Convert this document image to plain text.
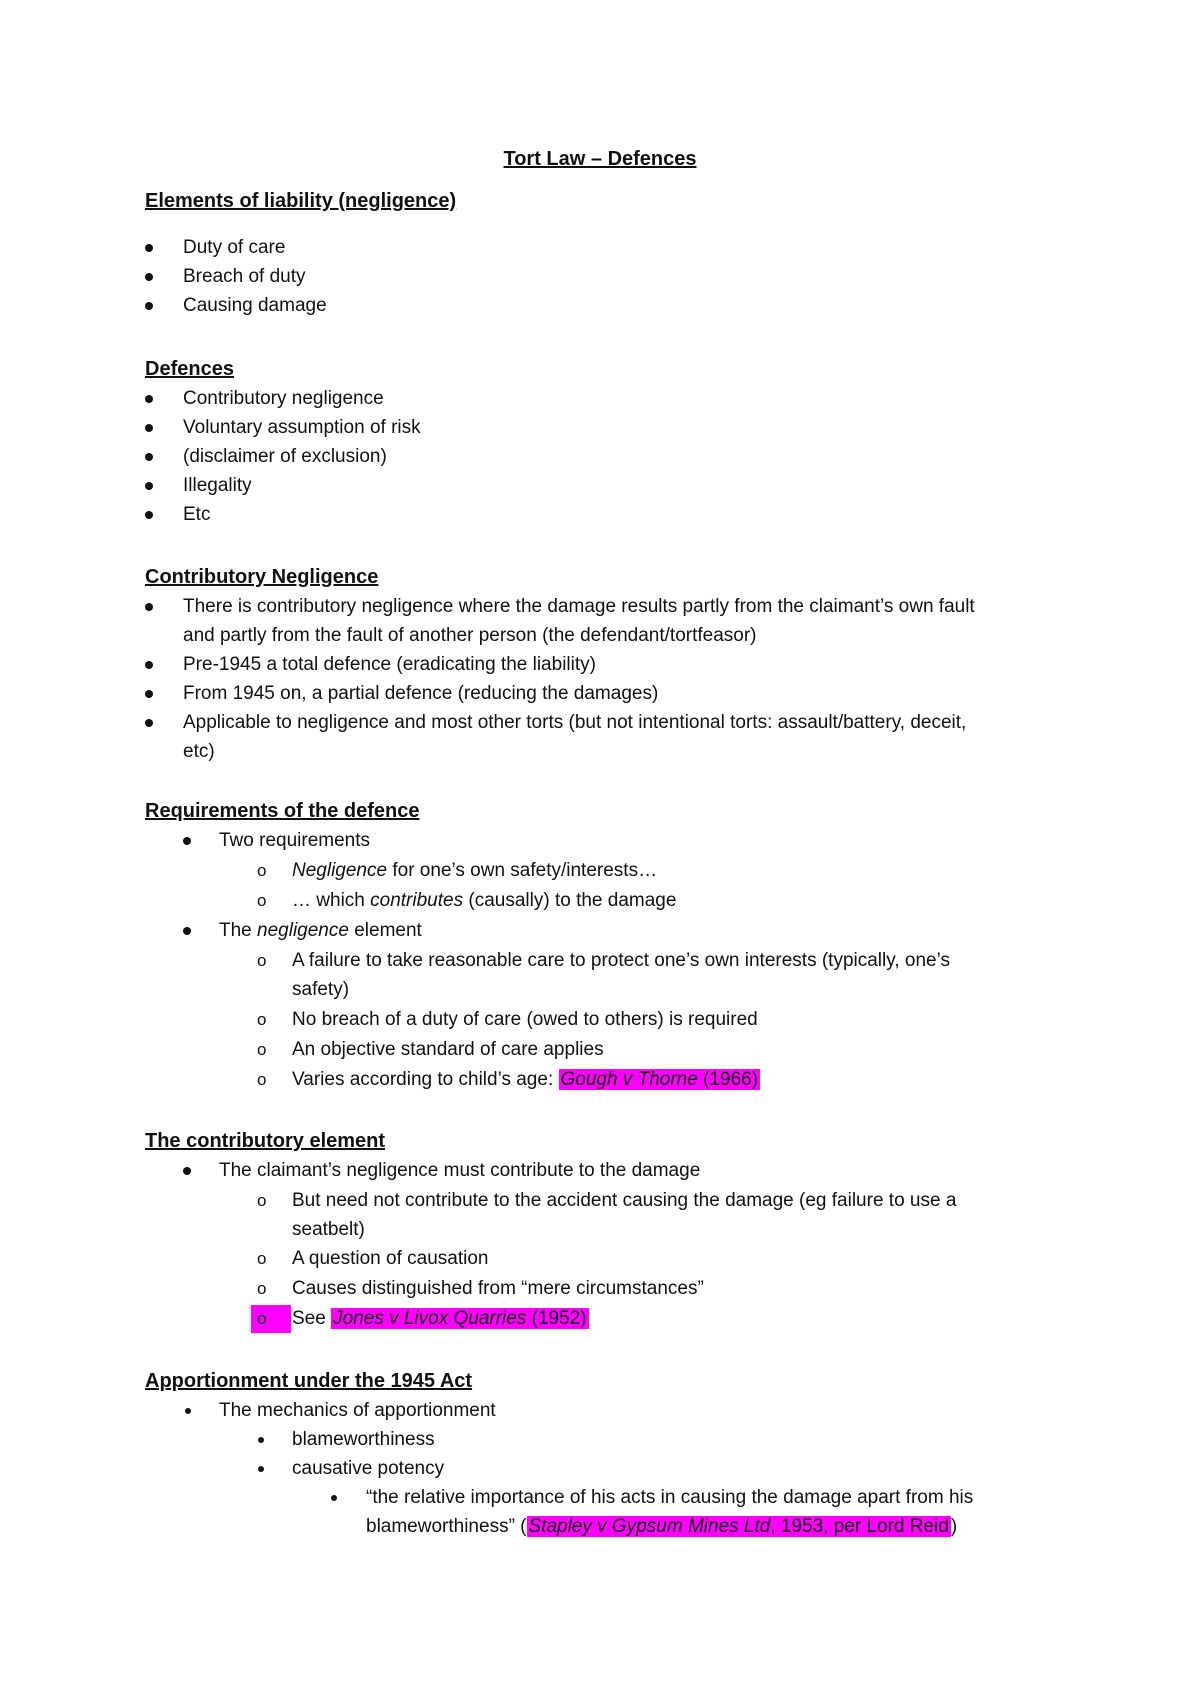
Tort Law – Defences
Elements of liability (negligence)
Duty of care
Breach of duty
Causing damage
Defences
Contributory negligence
Voluntary assumption of risk
(disclaimer of exclusion)
Illegality
Etc
Contributory Negligence
There is contributory negligence where the damage results partly from the claimant’s own fault
and partly from the fault of another person (the defendant/tortfeasor)
Pre-1945 a total defence (eradicating the liability)
From 1945 on, a partial defence (reducing the damages)
Applicable to negligence and most other torts (but not intentional torts: assault/battery, deceit,
etc)
Requirements of the defence
Two requirements
o Negligence for one’s own safety/interests…
o … which contributes (causally) to the damage
The negligence element
o A failure to take reasonable care to protect one’s own interests (typically, one’s
safety)
o No breach of a duty of care (owed to others) is required
o An objective standard of care applies
o Varies according to child’s age: Gough v Thorne (1966)
The contributory element
The claimant’s negligence must contribute to the damage
o But need not contribute to the accident causing the damage (eg failure to use a
seatbelt)
o A question of causation
o Causes distinguished from “mere circumstances”
o See Jones v Livox Quarries (1952)
Apportionment under the 1945 Act
The mechanics of apportionment
blameworthiness
causative potency
“the relative importance of his acts in causing the damage apart from his
blameworthiness” ( Stapley v Gypsum Mines Ltd, 1953, per Lord Reid )
